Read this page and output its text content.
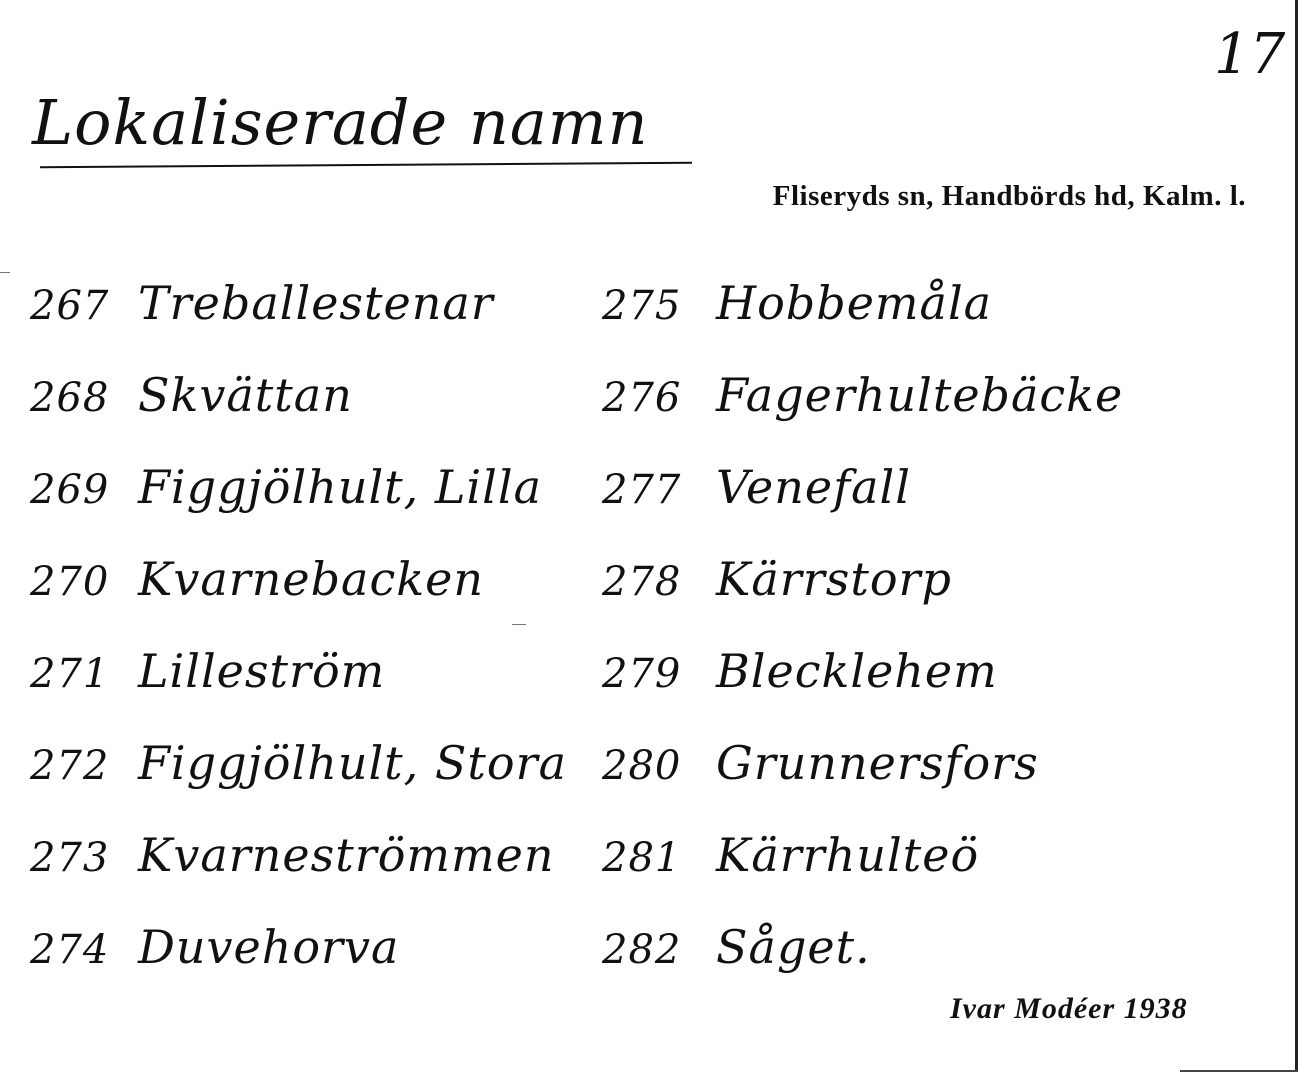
17
Lokaliserade namn
Fliseryds sn, Handbörds hd, Kalm. l.
267 Treballestenar
268 Skvättan
269 Figgjölhult, Lilla
270 Kvarnebacken
271 Lilleström
272 Figgjölhult, Stora
273 Kvarneströmmen
274 Duvehorva
275 Hobbemåla
276 Fagerhultebäcke
277 Venefall
278 Kärrstorp
279 Blecklehem
280 Grunnersfors
281 Kärrhulteö
282 Såget.
Ivar Modéer 1938
